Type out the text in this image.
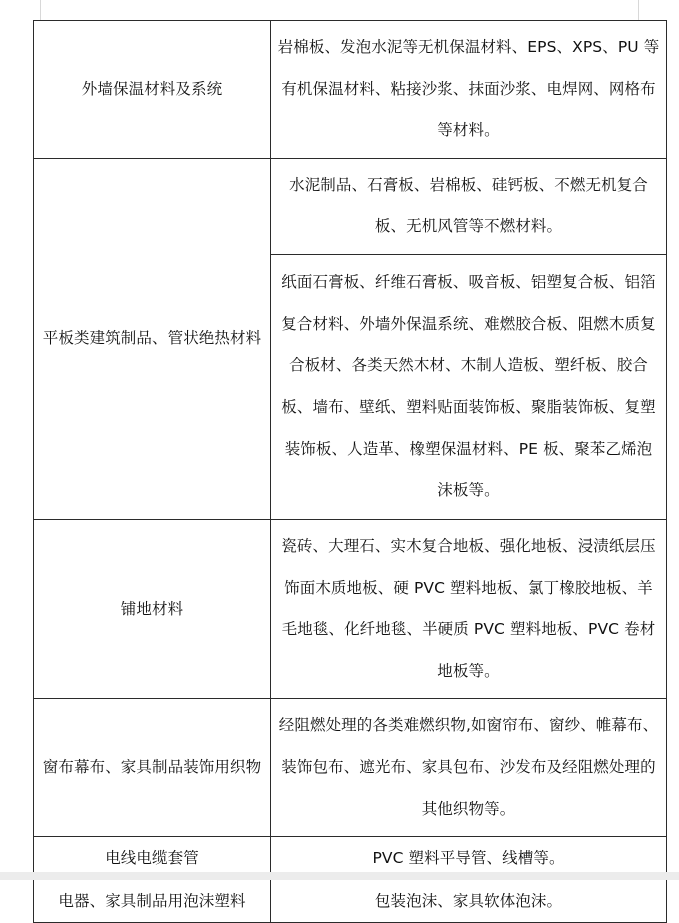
外墙保温材料及系统	岩棉板、发泡水泥等无机保温材料、EPS、XPS、PU 等有机保温材料、粘接沙浆、抹面沙浆、电焊网、网格布等材料。
平板类建筑制品、管状绝热材料	水泥制品、石膏板、岩棉板、硅钙板、不燃无机复合板、无机风管等不燃材料。
	纸面石膏板、纤维石膏板、吸音板、铝塑复合板、铝箔复合材料、外墙外保温系统、难燃胶合板、阻燃木质复合板材、各类天然木材、木制人造板、塑纤板、胶合板、墙布、壁纸、塑料贴面装饰板、聚脂装饰板、复塑装饰板、人造革、橡塑保温材料、PE 板、聚苯乙烯泡沫板等。
铺地材料	瓷砖、大理石、实木复合地板、强化地板、浸渍纸层压饰面木质地板、硬 PVC 塑料地板、氯丁橡胶地板、羊毛地毯、化纤地毯、半硬质 PVC 塑料地板、PVC 卷材地板等。
窗布幕布、家具制品装饰用织物	经阻燃处理的各类难燃织物,如窗帘布、窗纱、帷幕布、装饰包布、遮光布、家具包布、沙发布及经阻燃处理的其他织物等。
电线电缆套管	PVC 塑料平导管、线槽等。
电器、家具制品用泡沫塑料	包装泡沫、家具软体泡沫。
